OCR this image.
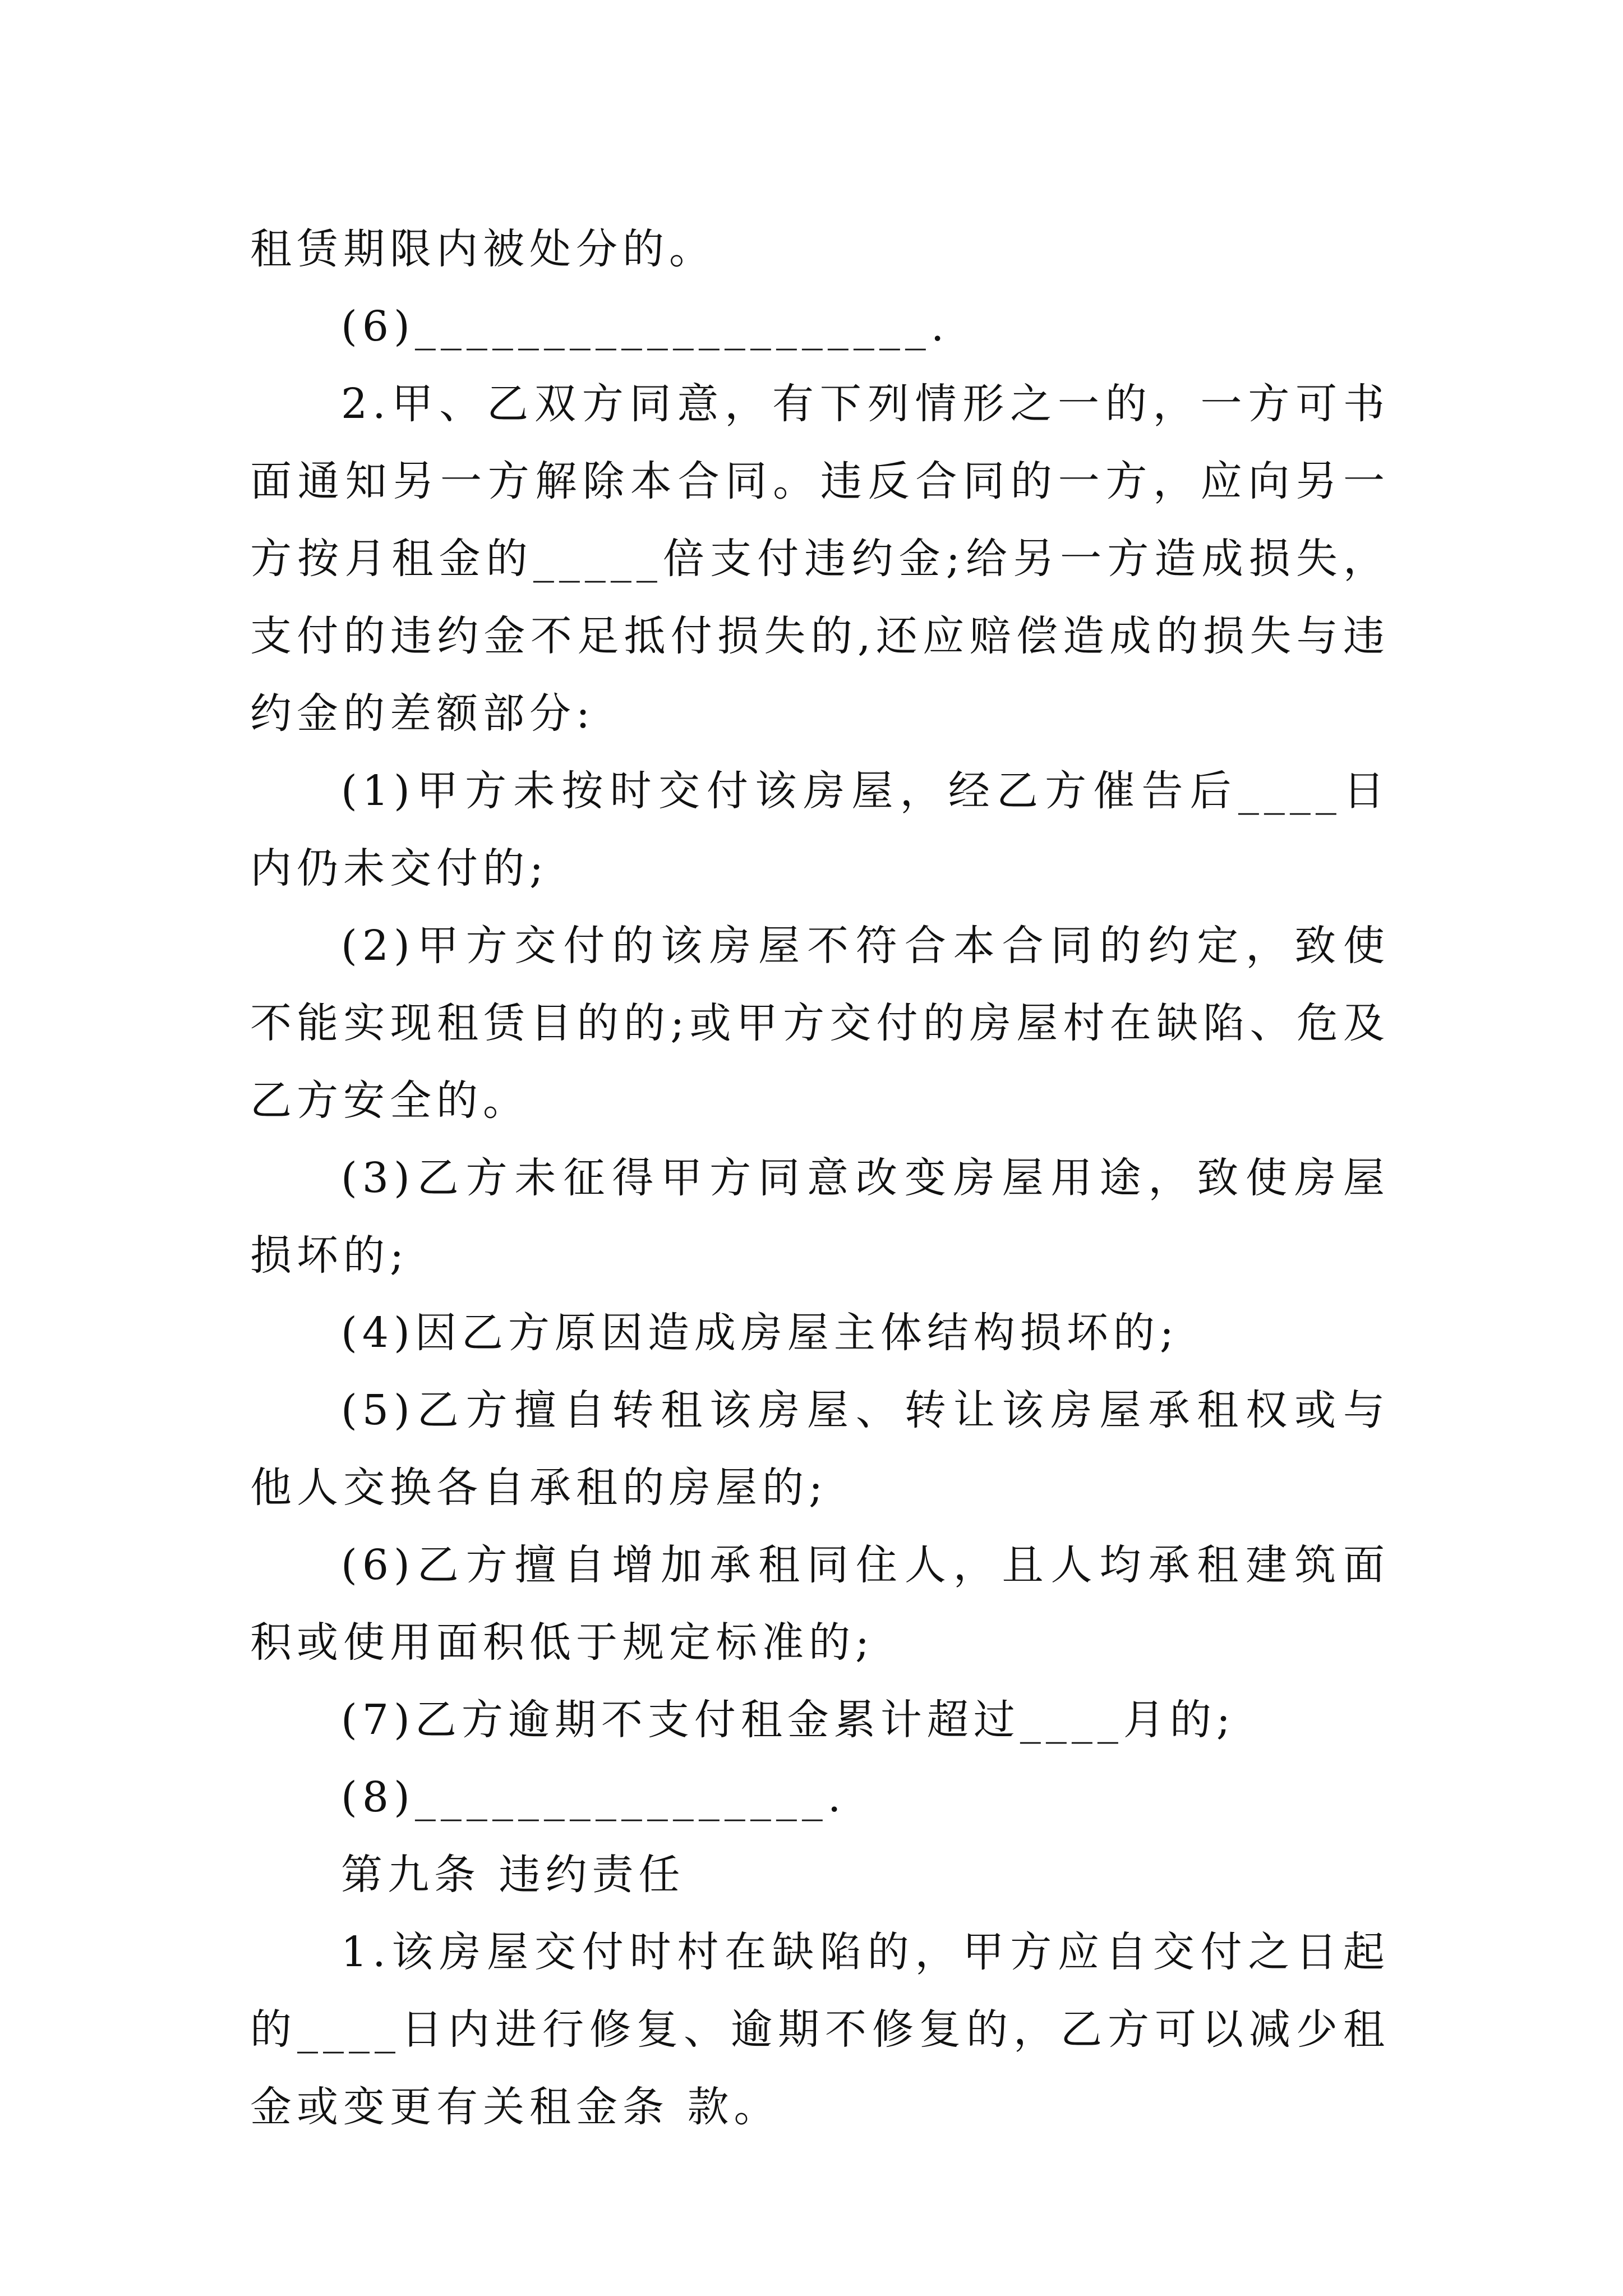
租赁期限内被处分的。

(6)____________________.

2.甲、乙双方同意，有下列情形之一的，一方可书面通知另一方解除本合同。违反合同的一方，应向另一方按月租金的_____倍支付违约金;给另一方造成损失，支付的违约金不足抵付损失的,还应赔偿造成的损失与违约金的差额部分:

(1)甲方未按时交付该房屋，经乙方催告后____日内仍未交付的;

(2)甲方交付的该房屋不符合本合同的约定，致使不能实现租赁目的的;或甲方交付的房屋村在缺陷、危及乙方安全的。

(3)乙方未征得甲方同意改变房屋用途，致使房屋损坏的;

(4)因乙方原因造成房屋主体结构损坏的;

(5)乙方擅自转租该房屋、转让该房屋承租权或与他人交换各自承租的房屋的;

(6)乙方擅自增加承租同住人，且人均承租建筑面积或使用面积低于规定标准的;

(7)乙方逾期不支付租金累计超过____月的;

(8)________________.

第九条 违约责任

1.该房屋交付时村在缺陷的，甲方应自交付之日起的____日内进行修复、逾期不修复的，乙方可以减少租金或变更有关租金条 款。
